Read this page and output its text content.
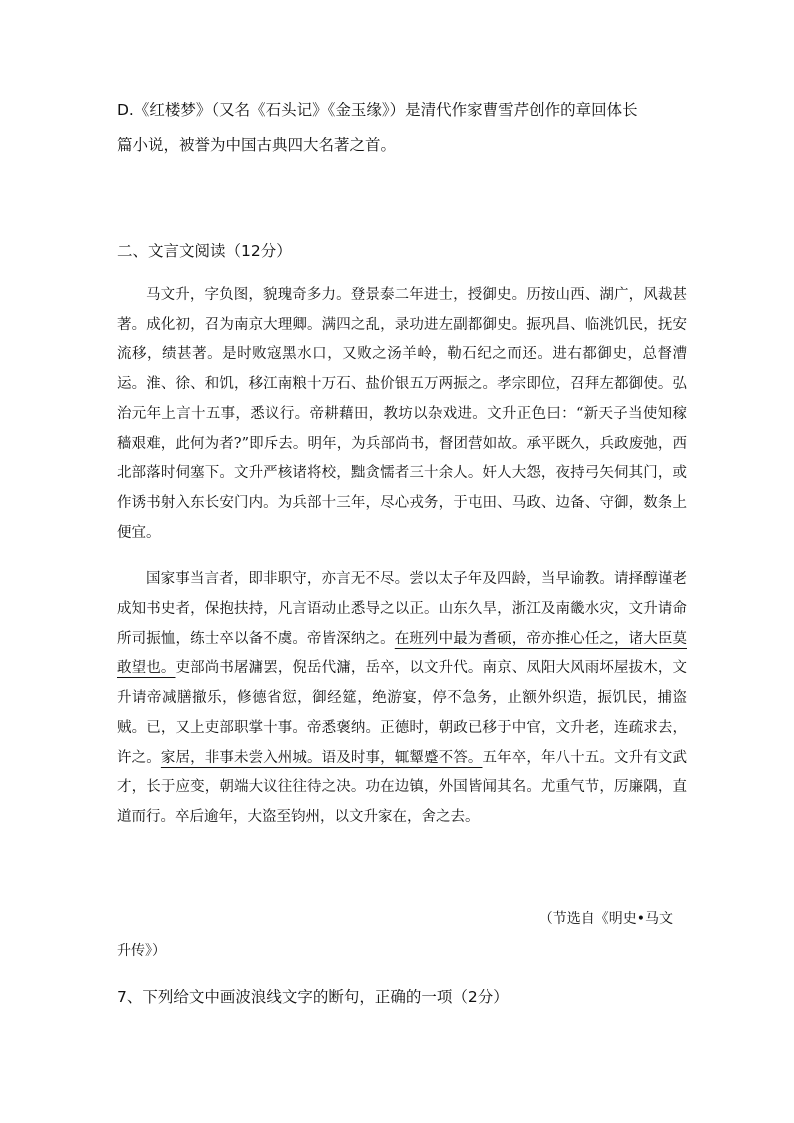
D.《红楼梦》（又名《石头记》《金玉缘》）是清代作家曹雪芹创作的章回体长
篇小说，被誉为中国古典四大名著之首。

二、文言文阅读（12分）

马文升，字负图，貌瑰奇多力。登景泰二年进士，授御史。历按山西、湖广，风裁甚著。成化初，召为南京大理卿。满四之乱，录功进左副都御史。振巩昌、临洮饥民，抚安流移，绩甚著。是时败寇黑水口，又败之汤羊岭，勒石纪之而还。进右都御史，总督漕运。淮、徐、和饥，移江南粮十万石、盐价银五万两振之。孝宗即位，召拜左都御使。弘治元年上言十五事，悉议行。帝耕藉田，教坊以杂戏进。文升正色曰：“新天子当使知稼穑艰难，此何为者?”即斥去。明年，为兵部尚书，督团营如故。承平既久，兵政废弛，西北部落时伺塞下。文升严核诸将校，黜贪懦者三十余人。奸人大怨，夜持弓矢伺其门，或作诱书射入东长安门内。为兵部十三年，尽心戎务，于屯田、马政、边备、守御，数条上便宜。

国家事当言者，即非职守，亦言无不尽。尝以太子年及四龄，当早谕教。请择醇谨老成知书史者，保抱扶持，凡言语动止悉导之以正。山东久旱，浙江及南畿水灾，文升请命所司振恤，练士卒以备不虞。帝皆深纳之。在班列中最为耆硕，帝亦推心任之，诸大臣莫敢望也。吏部尚书屠滽罢，倪岳代滽，岳卒，以文升代。南京、凤阳大风雨坏屋拔木，文升请帝减膳撤乐，修德省愆，御经筵，绝游宴，停不急务，止额外织造，振饥民，捕盗贼。已，又上吏部职掌十事。帝悉褒纳。正德时，朝政已移于中官，文升老，连疏求去，许之。家居，非事未尝入州城。语及时事，辄颦蹙不答。五年卒，年八十五。文升有文武才，长于应变，朝端大议往往待之决。功在边镇，外国皆闻其名。尤重气节，厉廉隅，直道而行。卒后逾年，大盗至钧州，以文升家在，舍之去。

（节选自《明史•马文
升传》）

7、下列给文中画波浪线文字的断句，正确的一项（2分）
